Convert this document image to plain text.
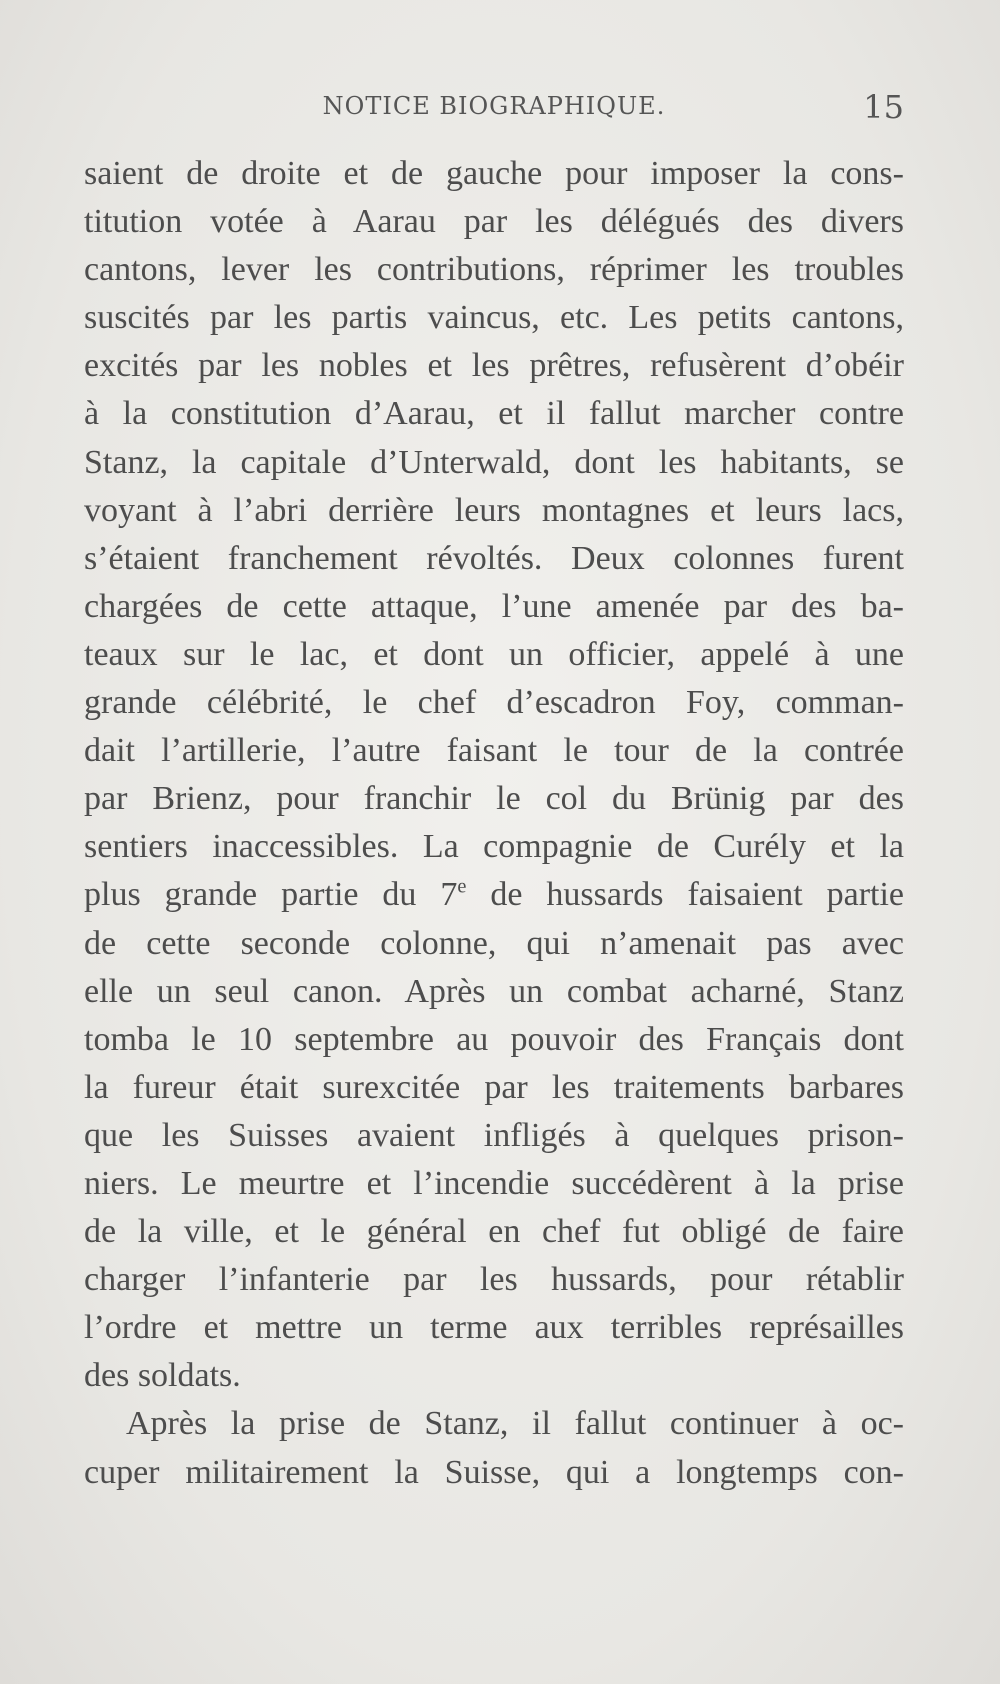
NOTICE BIOGRAPHIQUE.	15
saient de droite et de gauche pour imposer la cons-
titution votée à Aarau par les délégués des divers
cantons, lever les contributions, réprimer les troubles
suscités par les partis vaincus, etc. Les petits cantons,
excités par les nobles et les prêtres, refusèrent d’obéir
à la constitution d’Aarau, et il fallut marcher contre
Stanz, la capitale d’Unterwald, dont les habitants, se
voyant à l’abri derrière leurs montagnes et leurs lacs,
s’étaient franchement révoltés. Deux colonnes furent
chargées de cette attaque, l’une amenée par des ba-
teaux sur le lac, et dont un officier, appelé à une
grande célébrité, le chef d’escadron Foy, comman-
dait l’artillerie, l’autre faisant le tour de la contrée
par Brienz, pour franchir le col du Brünig par des
sentiers inaccessibles. La compagnie de Curély et la
plus grande partie du 7e de hussards faisaient partie
de cette seconde colonne, qui n’amenait pas avec
elle un seul canon. Après un combat acharné, Stanz
tomba le 10 septembre au pouvoir des Français dont
la fureur était surexcitée par les traitements barbares
que les Suisses avaient infligés à quelques prison-
niers. Le meurtre et l’incendie succédèrent à la prise
de la ville, et le général en chef fut obligé de faire
charger l’infanterie par les hussards, pour rétablir
l’ordre et mettre un terme aux terribles représailles
des soldats.
Après la prise de Stanz, il fallut continuer à oc-
cuper militairement la Suisse, qui a longtemps con-
